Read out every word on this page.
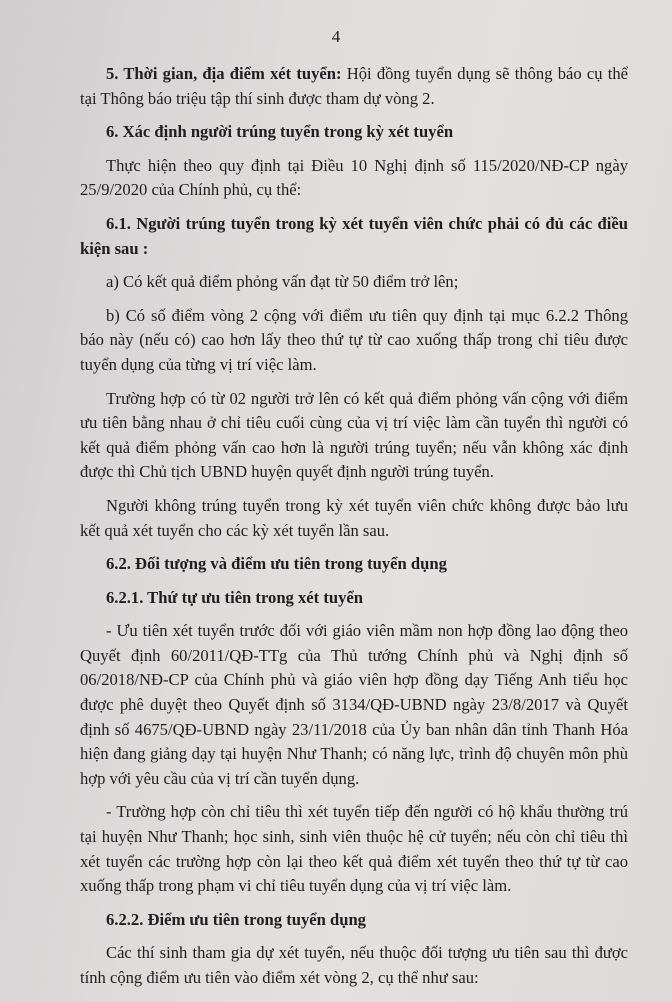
4

5. Thời gian, địa điểm xét tuyển: Hội đồng tuyển dụng sẽ thông báo cụ thể tại Thông báo triệu tập thí sinh được tham dự vòng 2.

6. Xác định người trúng tuyển trong kỳ xét tuyển

Thực hiện theo quy định tại Điều 10 Nghị định số 115/2020/NĐ-CP ngày 25/9/2020 của Chính phủ, cụ thể:

6.1. Người trúng tuyển trong kỳ xét tuyển viên chức phải có đủ các điều kiện sau :

a) Có kết quả điểm phỏng vấn đạt từ 50 điểm trở lên;

b) Có số điểm vòng 2 cộng với điểm ưu tiên quy định tại mục 6.2.2 Thông báo này (nếu có) cao hơn lấy theo thứ tự từ cao xuống thấp trong chỉ tiêu được tuyển dụng của từng vị trí việc làm.

Trường hợp có từ 02 người trở lên có kết quả điểm phỏng vấn cộng với điểm ưu tiên bằng nhau ở chỉ tiêu cuối cùng của vị trí việc làm cần tuyển thì người có kết quả điểm phỏng vấn cao hơn là người trúng tuyển; nếu vẫn không xác định được thì Chủ tịch UBND huyện quyết định người trúng tuyển.

Người không trúng tuyển trong kỳ xét tuyển viên chức không được bảo lưu kết quả xét tuyển cho các kỳ xét tuyển lần sau.

6.2. Đối tượng và điểm ưu tiên trong tuyển dụng

6.2.1. Thứ tự ưu tiên trong xét tuyển

- Ưu tiên xét tuyển trước đối với giáo viên mầm non hợp đồng lao động theo Quyết định 60/2011/QĐ-TTg của Thủ tướng Chính phủ và Nghị định số 06/2018/NĐ-CP của Chính phủ và giáo viên hợp đồng dạy Tiếng Anh tiểu học được phê duyệt theo Quyết định số 3134/QĐ-UBND ngày 23/8/2017 và Quyết định số 4675/QĐ-UBND ngày 23/11/2018 của Ủy ban nhân dân tỉnh Thanh Hóa hiện đang giảng dạy tại huyện Như Thanh; có năng lực, trình độ chuyên môn phù hợp với yêu cầu của vị trí cần tuyển dụng.

- Trường hợp còn chỉ tiêu thì xét tuyển tiếp đến người có hộ khẩu thường trú tại huyện Như Thanh; học sinh, sinh viên thuộc hệ cử tuyển; nếu còn chỉ tiêu thì xét tuyển các trường hợp còn lại theo kết quả điểm xét tuyển theo thứ tự từ cao xuống thấp trong phạm vi chỉ tiêu tuyển dụng của vị trí việc làm.

6.2.2. Điểm ưu tiên trong tuyển dụng

Các thí sinh tham gia dự xét tuyển, nếu thuộc đối tượng ưu tiên sau thì được tính cộng điểm ưu tiên vào điểm xét vòng 2, cụ thể như sau:
